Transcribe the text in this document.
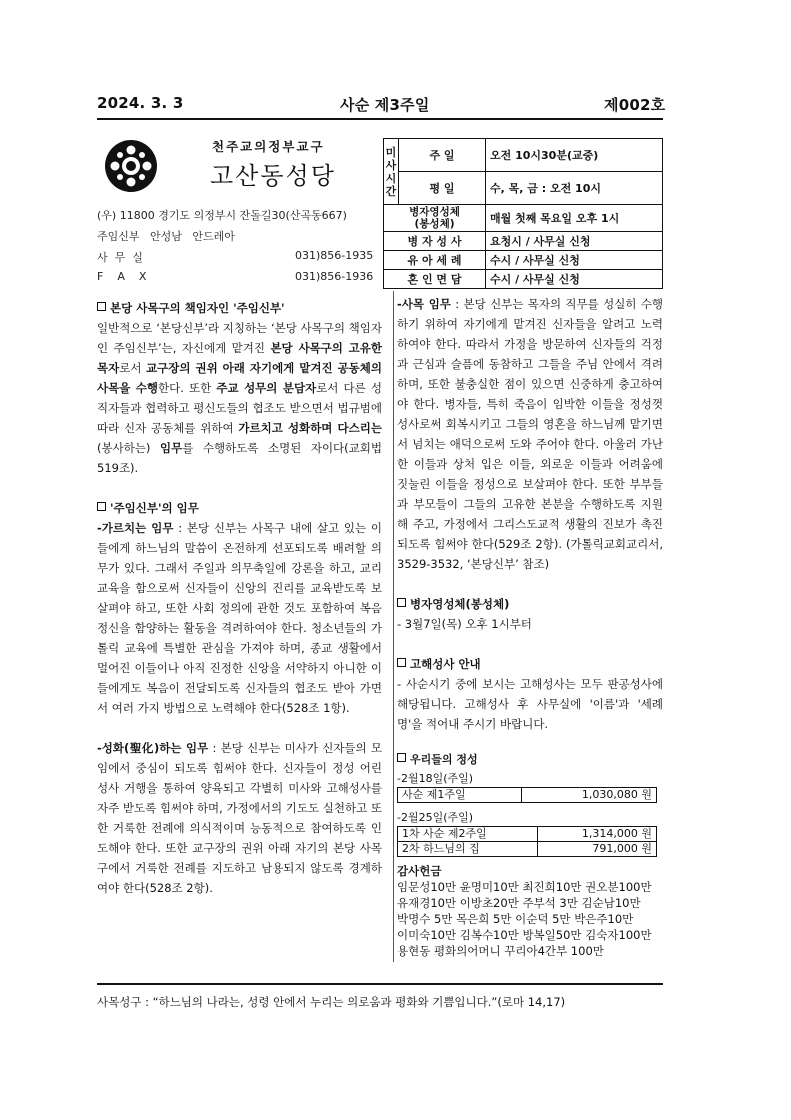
2024. 3. 3	사순 제3주일	제002호
천주교의정부교구
고산동성당
(우) 11800 경기도 의정부시 잔돌길30(산곡동667)
주임신부   안성남   안드레아
사  무  실	031)856-1935
F    A    X	031)856-1936
미
사
시
간	주 일	오전 10시30분(교중)
	평 일	수, 목, 금 : 오전 10시
병자영성체
(봉성체)		매월 첫째 목요일 오후 1시
병 자 성 사		요청시 / 사무실 신청
유 아 세 례		수시 / 사무실 신청
혼 인 면 담		수시 / 사무실 신청

본당 사목구의 책임자인 '주임신부'

일반적으로 ‘본당신부’라 지칭하는 ‘본당 사목구의 책임자인 주임신부’는, 자신에게 맡겨진 본당 사목구의 고유한 목자로서 교구장의 권위 아래 자기에게 맡겨진 공동체의 사목을 수행한다. 또한 주교 성무의 분담자로서 다른 성직자들과 협력하고 평신도들의 협조도 받으면서 법규범에 따라 신자 공동체를 위하여 가르치고 성화하며 다스리는(봉사하는) 임무를 수행하도록 소명된 자이다(교회법 519조).

'주임신부'의 임무

-가르치는 임무 : 본당 신부는 사목구 내에 살고 있는 이들에게 하느님의 말씀이 온전하게 선포되도록 배려할 의무가 있다. 그래서 주일과 의무축일에 강론을 하고, 교리 교육을 함으로써 신자들이 신앙의 진리를 교육받도록 보살펴야 하고, 또한 사회 정의에 관한 것도 포함하여 복음 정신을 함양하는 활동을 격려하여야 한다. 청소년들의 가톨릭 교육에 특별한 관심을 가져야 하며, 종교 생활에서 멀어진 이들이나 아직 진정한 신앙을 서약하지 아니한 이들에게도 복음이 전달되도록 신자들의 협조도 받아 가면서 여러 가지 방법으로 노력해야 한다(528조 1항).

-성화(聖化)하는 임무 : 본당 신부는 미사가 신자들의 모임에서 중심이 되도록 힘써야 한다. 신자들이 정성 어린 성사 거행을 통하여 양육되고 각별히 미사와 고해성사를 자주 받도록 힘써야 하며, 가정에서의 기도도 실천하고 또한 거룩한 전례에 의식적이며 능동적으로 참여하도록 인도해야 한다. 또한 교구장의 권위 아래 자기의 본당 사목구에서 거룩한 전례를 지도하고 남용되지 않도록 경계하여야 한다(528조 2항).

-사목 임무 : 본당 신부는 목자의 직무를 성실히 수행하기 위하여 자기에게 맡겨진 신자들을 알려고 노력하여야 한다. 따라서 가정을 방문하여 신자들의 걱정과 근심과 슬픔에 동참하고 그들을 주님 안에서 격려하며, 또한 불충실한 점이 있으면 신중하게 충고하여야 한다. 병자들, 특히 죽음이 임박한 이들을 정성껏 성사로써 회복시키고 그들의 영혼을 하느님께 맡기면서 넘치는 애덕으로써 도와 주어야 한다. 아울러 가난한 이들과 상처 입은 이들, 외로운 이들과 어려움에 짓눌린 이들을 정성으로 보살펴야 한다. 또한 부부들과 부모들이 그들의 고유한 본분을 수행하도록 지원해 주고, 가정에서 그리스도교적 생활의 진보가 촉진되도록 힘써야 한다(529조 2항). (가톨릭교회교리서, 3529-3532, ‘본당신부’ 참조)

병자영성체(봉성체)

- 3월7일(목) 오후 1시부터

고해성사 안내

- 사순시기 중에 보시는 고해성사는 모두 판공성사에 해당됩니다. 고해성사 후 사무실에 '이름'과 '세례명'을 적어내 주시기 바랍니다.

우리들의 정성

-2월18일(주일)

사순 제1주일	1,030,080 원

-2월25일(주일)

1차 사순 제2주일	1,314,000 원
2차 하느님의 집	791,000 원

감사헌금

임문성10만 윤명미10만 최진희10만 권오분100만
유재경10만 이방초20만 주부석 3만 김순남10만
박명수 5만 목은희 5만 이순덕 5만 박은주10만
이미숙10만 김복수10만 방복일50만 김숙자100만
용현동 평화의어머니 꾸리아4간부 100만
사목성구 : “하느님의 나라는, 성령 안에서 누리는 의로움과 평화와 기쁨입니다.”(로마 14,17)
